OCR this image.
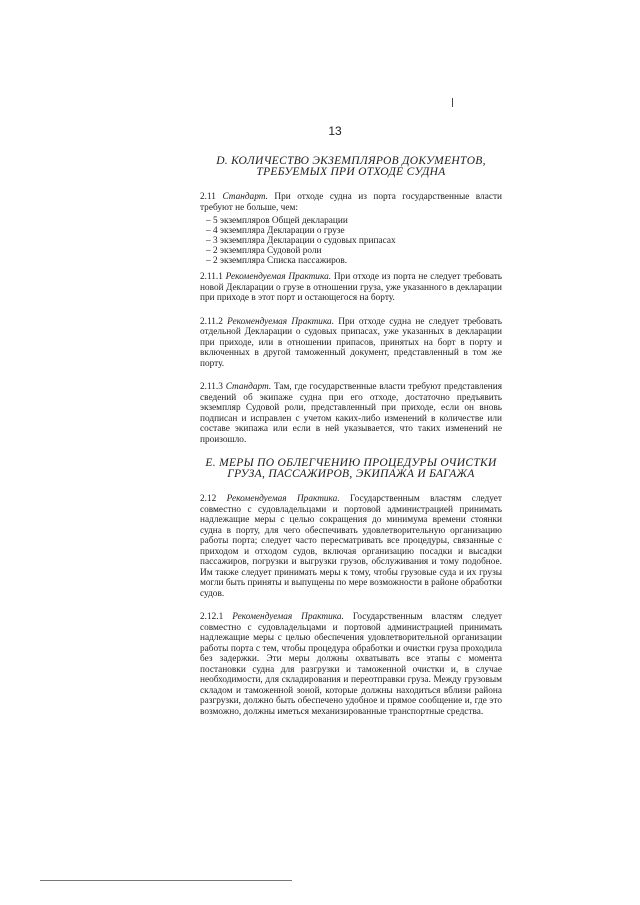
13
D. КОЛИЧЕСТВО ЭКЗЕМПЛЯРОВ ДОКУМЕНТОВ,
ТРЕБУЕМЫХ ПРИ ОТХОДЕ СУДНА

2.11 Стандарт. При отходе судна из порта государственные власти требуют не больше, чем:

– 5 экземпляров Общей декларации
– 4 экземпляра Декларации о грузе
– 3 экземпляра Декларации о судовых припасах
– 2 экземпляра Судовой роли
– 2 экземпляра Списка пассажиров.

2.11.1 Рекомендуемая Практика. При отходе из порта не следует требовать новой Декларации о грузе в отношении груза, уже указанного в декларации при приходе в этот порт и остающегося на борту.

2.11.2 Рекомендуемая Практика. При отходе судна не следует требовать отдельной Декларации о судовых припасах, уже указанных в декларации при приходе, или в отношении припасов, принятых на борт в порту и включенных в другой таможенный документ, представленный в том же порту.

2.11.3 Стандарт. Там, где государственные власти требуют представления сведений об экипаже судна при его отходе, достаточно предъявить экземпляр Судовой роли, представленный при приходе, если он вновь подписан и исправлен с учетом каких-либо изменений в количестве или составе экипажа или если в ней указывается, что таких изменений не произошло.

E. МЕРЫ ПО ОБЛЕГЧЕНИЮ ПРОЦЕДУРЫ ОЧИСТКИ
ГРУЗА, ПАССАЖИРОВ, ЭКИПАЖА И БАГАЖА

2.12 Рекомендуемая Практика. Государственным властям следует совместно с судовладельцами и портовой администрацией принимать надлежащие меры с целью сокращения до минимума времени стоянки судна в порту, для чего обеспечивать удовлетворительную организацию работы порта; следует часто пересматривать все процедуры, связанные с приходом и отходом судов, включая организацию посадки и высадки пассажиров, погрузки и выгрузки грузов, обслуживания и тому подобное. Им также следует принимать меры к тому, чтобы грузовые суда и их грузы могли быть приняты и выпущены по мере возможности в районе обработки судов.

2.12.1 Рекомендуемая Практика. Государственным властям следует совместно с судовладельцами и портовой администрацией принимать надлежащие меры с целью обеспечения удовлетворительной организации работы порта с тем, чтобы процедура обработки и очистки груза проходила без задержки. Эти меры должны охватывать все этапы с момента постановки судна для разгрузки и таможенной очистки и, в случае необходимости, для складирования и переотправки груза. Между грузовым складом и таможенной зоной, которые должны находиться вблизи района разгрузки, должно быть обеспечено удобное и прямое сообщение и, где это возможно, должны иметься механизированные транспортные средства.
